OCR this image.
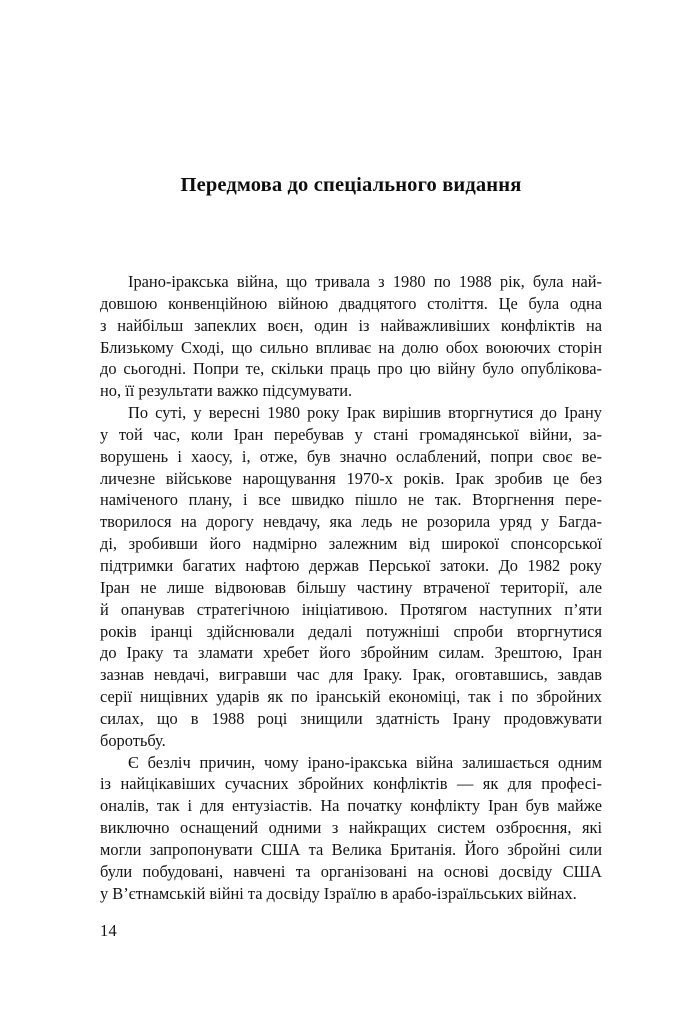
Передмова до спеціального видання
Ірано-іракська війна, що тривала з 1980 по 1988 рік, була най-
довшою конвенційною війною двадцятого століття. Це була одна
з найбільш запеклих воєн, один із найважливіших конфліктів на
Близькому Сході, що сильно впливає на долю обох воюючих сторін
до сьогодні. Попри те, скільки праць про цю війну було опублікова-
но, її результати важко підсумувати.
По суті, у вересні 1980 року Ірак вирішив вторгнутися до Ірану
у той час, коли Іран перебував у стані громадянської війни, за-
ворушень і хаосу, і, отже, був значно ослаблений, попри своє ве-
личезне військове нарощування 1970-х років. Ірак зробив це без
наміченого плану, і все швидко пішло не так. Вторгнення пере-
творилося на дорогу невдачу, яка ледь не розорила уряд у Багда-
ді, зробивши його надмірно залежним від широкої спонсорської
підтримки багатих нафтою держав Перської затоки. До 1982 року
Іран не лише відвоював більшу частину втраченої території, але
й опанував стратегічною ініціативою. Протягом наступних п’яти
років іранці здійснювали дедалі потужніші спроби вторгнутися
до Іраку та зламати хребет його збройним силам. Зрештою, Іран
зазнав невдачі, вигравши час для Іраку. Ірак, оговтавшись, завдав
серії нищівних ударів як по іранській економіці, так і по збройних силах, що в 1988 році знищили здатність Ірану продовжувати
боротьбу.
Є безліч причин, чому ірано-іракська війна залишається одним
із найцікавіших сучасних збройних конфліктів — як для професі-
оналів, так і для ентузіастів. На початку конфлікту Іран був майже
виключно оснащений одними з найкращих систем озброєння, які
могли запропонувати США та Велика Британія. Його збройні сили
були побудовані, навчені та організовані на основі досвіду США
у В’єтнамській війні та досвіду Ізраїлю в арабо-ізраїльських війнах.
14
